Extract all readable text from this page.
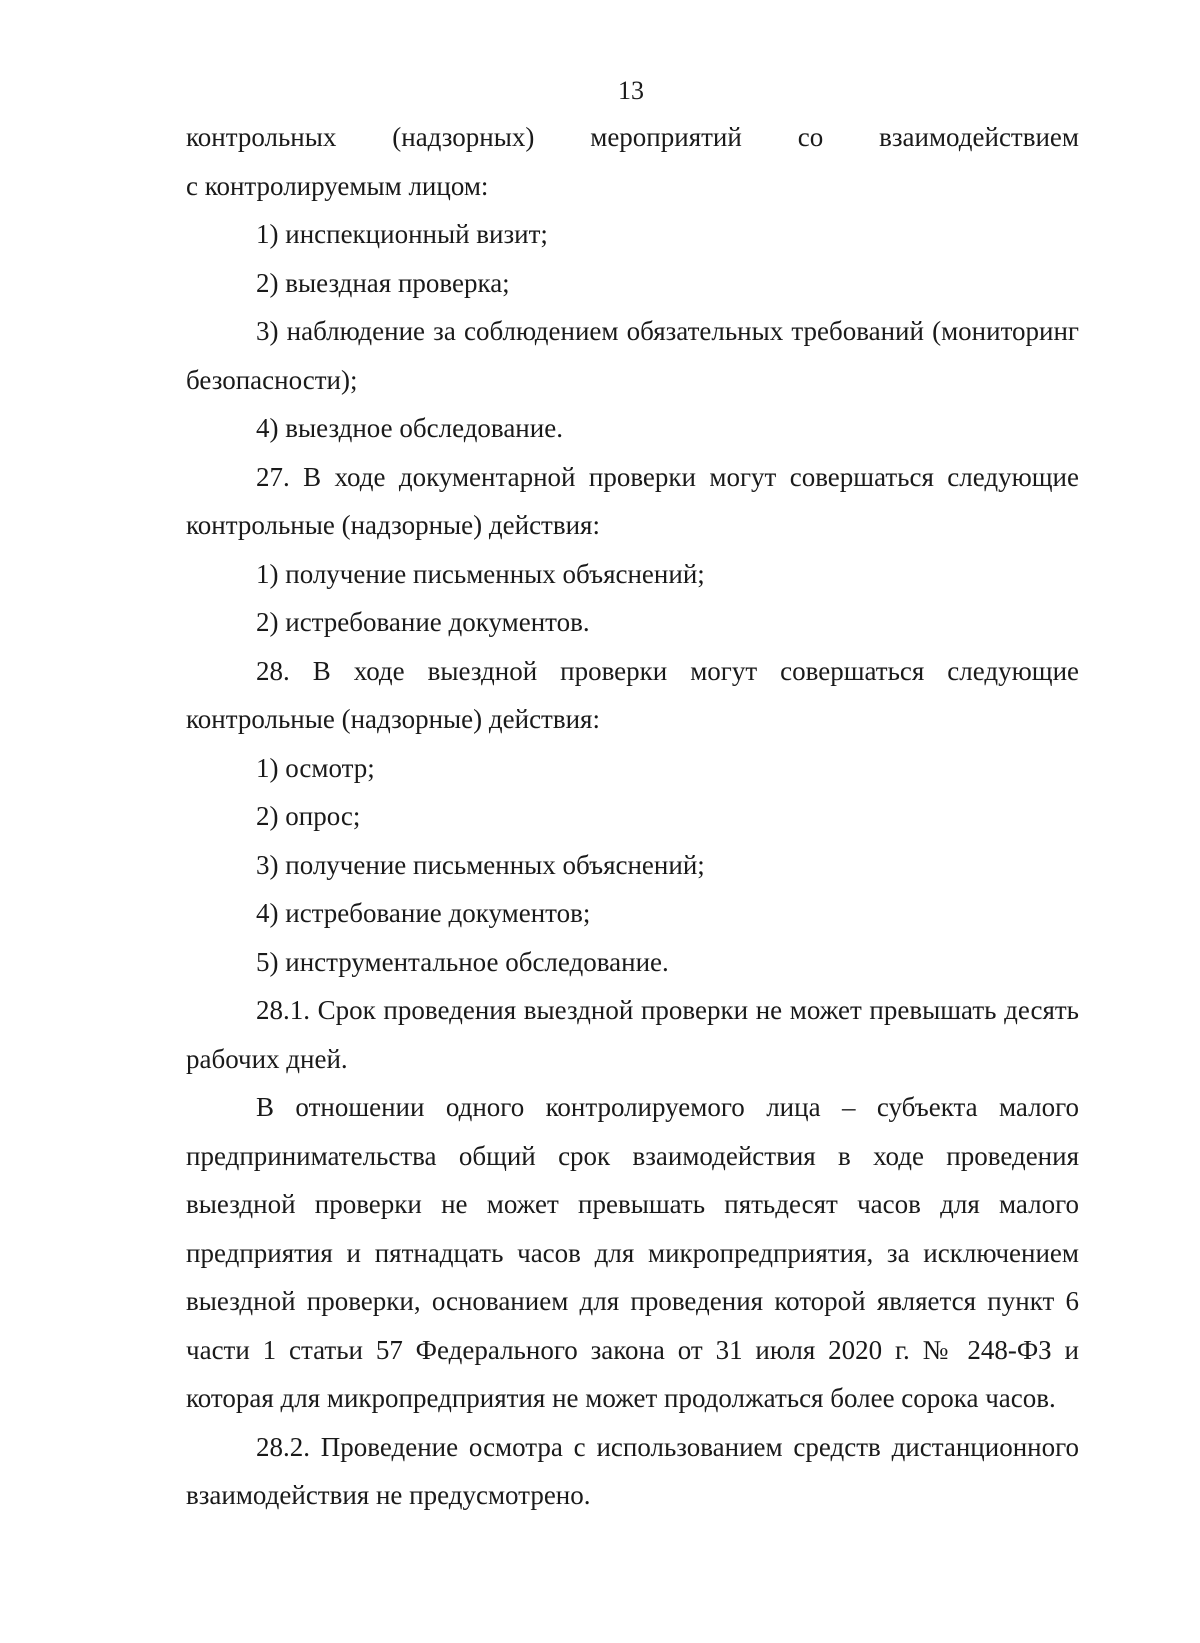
13

контрольных (надзорных) мероприятий со взаимодействием

с контролируемым лицом:

1) инспекционный визит;

2) выездная проверка;

3) наблюдение за соблюдением обязательных требований (мониторинг безопасности);

4) выездное обследование.

27. В ходе документарной проверки могут совершаться следующие контрольные (надзорные) действия:

1) получение письменных объяснений;

2) истребование документов.

28. В ходе выездной проверки могут совершаться следующие контрольные (надзорные) действия:

1) осмотр;

2) опрос;

3) получение письменных объяснений;

4) истребование документов;

5) инструментальное обследование.

28.1. Срок проведения выездной проверки не может превышать десять рабочих дней.

В отношении одного контролируемого лица – субъекта малого предпринимательства общий срок взаимодействия в ходе проведения выездной проверки не может превышать пятьдесят часов для малого предприятия и пятнадцать часов для микропредприятия, за исключением выездной проверки, основанием для проведения которой является пункт 6 части 1 статьи 57 Федерального закона от 31 июля 2020 г. № 248-ФЗ и которая для микропредприятия не может продолжаться более сорока часов.

28.2. Проведение осмотра с использованием средств дистанционного взаимодействия не предусмотрено.
